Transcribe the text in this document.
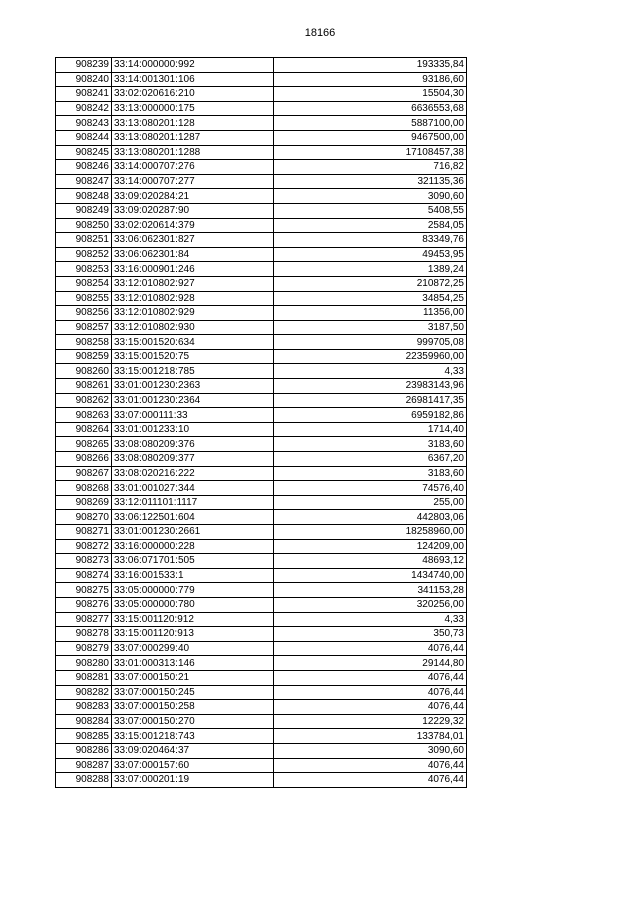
18166
908239	33:14:000000:992	193335,84
908240	33:14:001301:106	93186,60
908241	33:02:020616:210	15504,30
908242	33:13:000000:175	6636553,68
908243	33:13:080201:128	5887100,00
908244	33:13:080201:1287	9467500,00
908245	33:13:080201:1288	17108457,38
908246	33:14:000707:276	716,82
908247	33:14:000707:277	321135,36
908248	33:09:020284:21	3090,60
908249	33:09:020287:90	5408,55
908250	33:02:020614:379	2584,05
908251	33:06:062301:827	83349,76
908252	33:06:062301:84	49453,95
908253	33:16:000901:246	1389,24
908254	33:12:010802:927	210872,25
908255	33:12:010802:928	34854,25
908256	33:12:010802:929	11356,00
908257	33:12:010802:930	3187,50
908258	33:15:001520:634	999705,08
908259	33:15:001520:75	22359960,00
908260	33:15:001218:785	4,33
908261	33:01:001230:2363	23983143,96
908262	33:01:001230:2364	26981417,35
908263	33:07:000111:33	6959182,86
908264	33:01:001233:10	1714,40
908265	33:08:080209:376	3183,60
908266	33:08:080209:377	6367,20
908267	33:08:020216:222	3183,60
908268	33:01:001027:344	74576,40
908269	33:12:011101:1117	255,00
908270	33:06:122501:604	442803,06
908271	33:01:001230:2661	18258960,00
908272	33:16:000000:228	124209,00
908273	33:06:071701:505	48693,12
908274	33:16:001533:1	1434740,00
908275	33:05:000000:779	341153,28
908276	33:05:000000:780	320256,00
908277	33:15:001120:912	4,33
908278	33:15:001120:913	350,73
908279	33:07:000299:40	4076,44
908280	33:01:000313:146	29144,80
908281	33:07:000150:21	4076,44
908282	33:07:000150:245	4076,44
908283	33:07:000150:258	4076,44
908284	33:07:000150:270	12229,32
908285	33:15:001218:743	133784,01
908286	33:09:020464:37	3090,60
908287	33:07:000157:60	4076,44
908288	33:07:000201:19	4076,44
